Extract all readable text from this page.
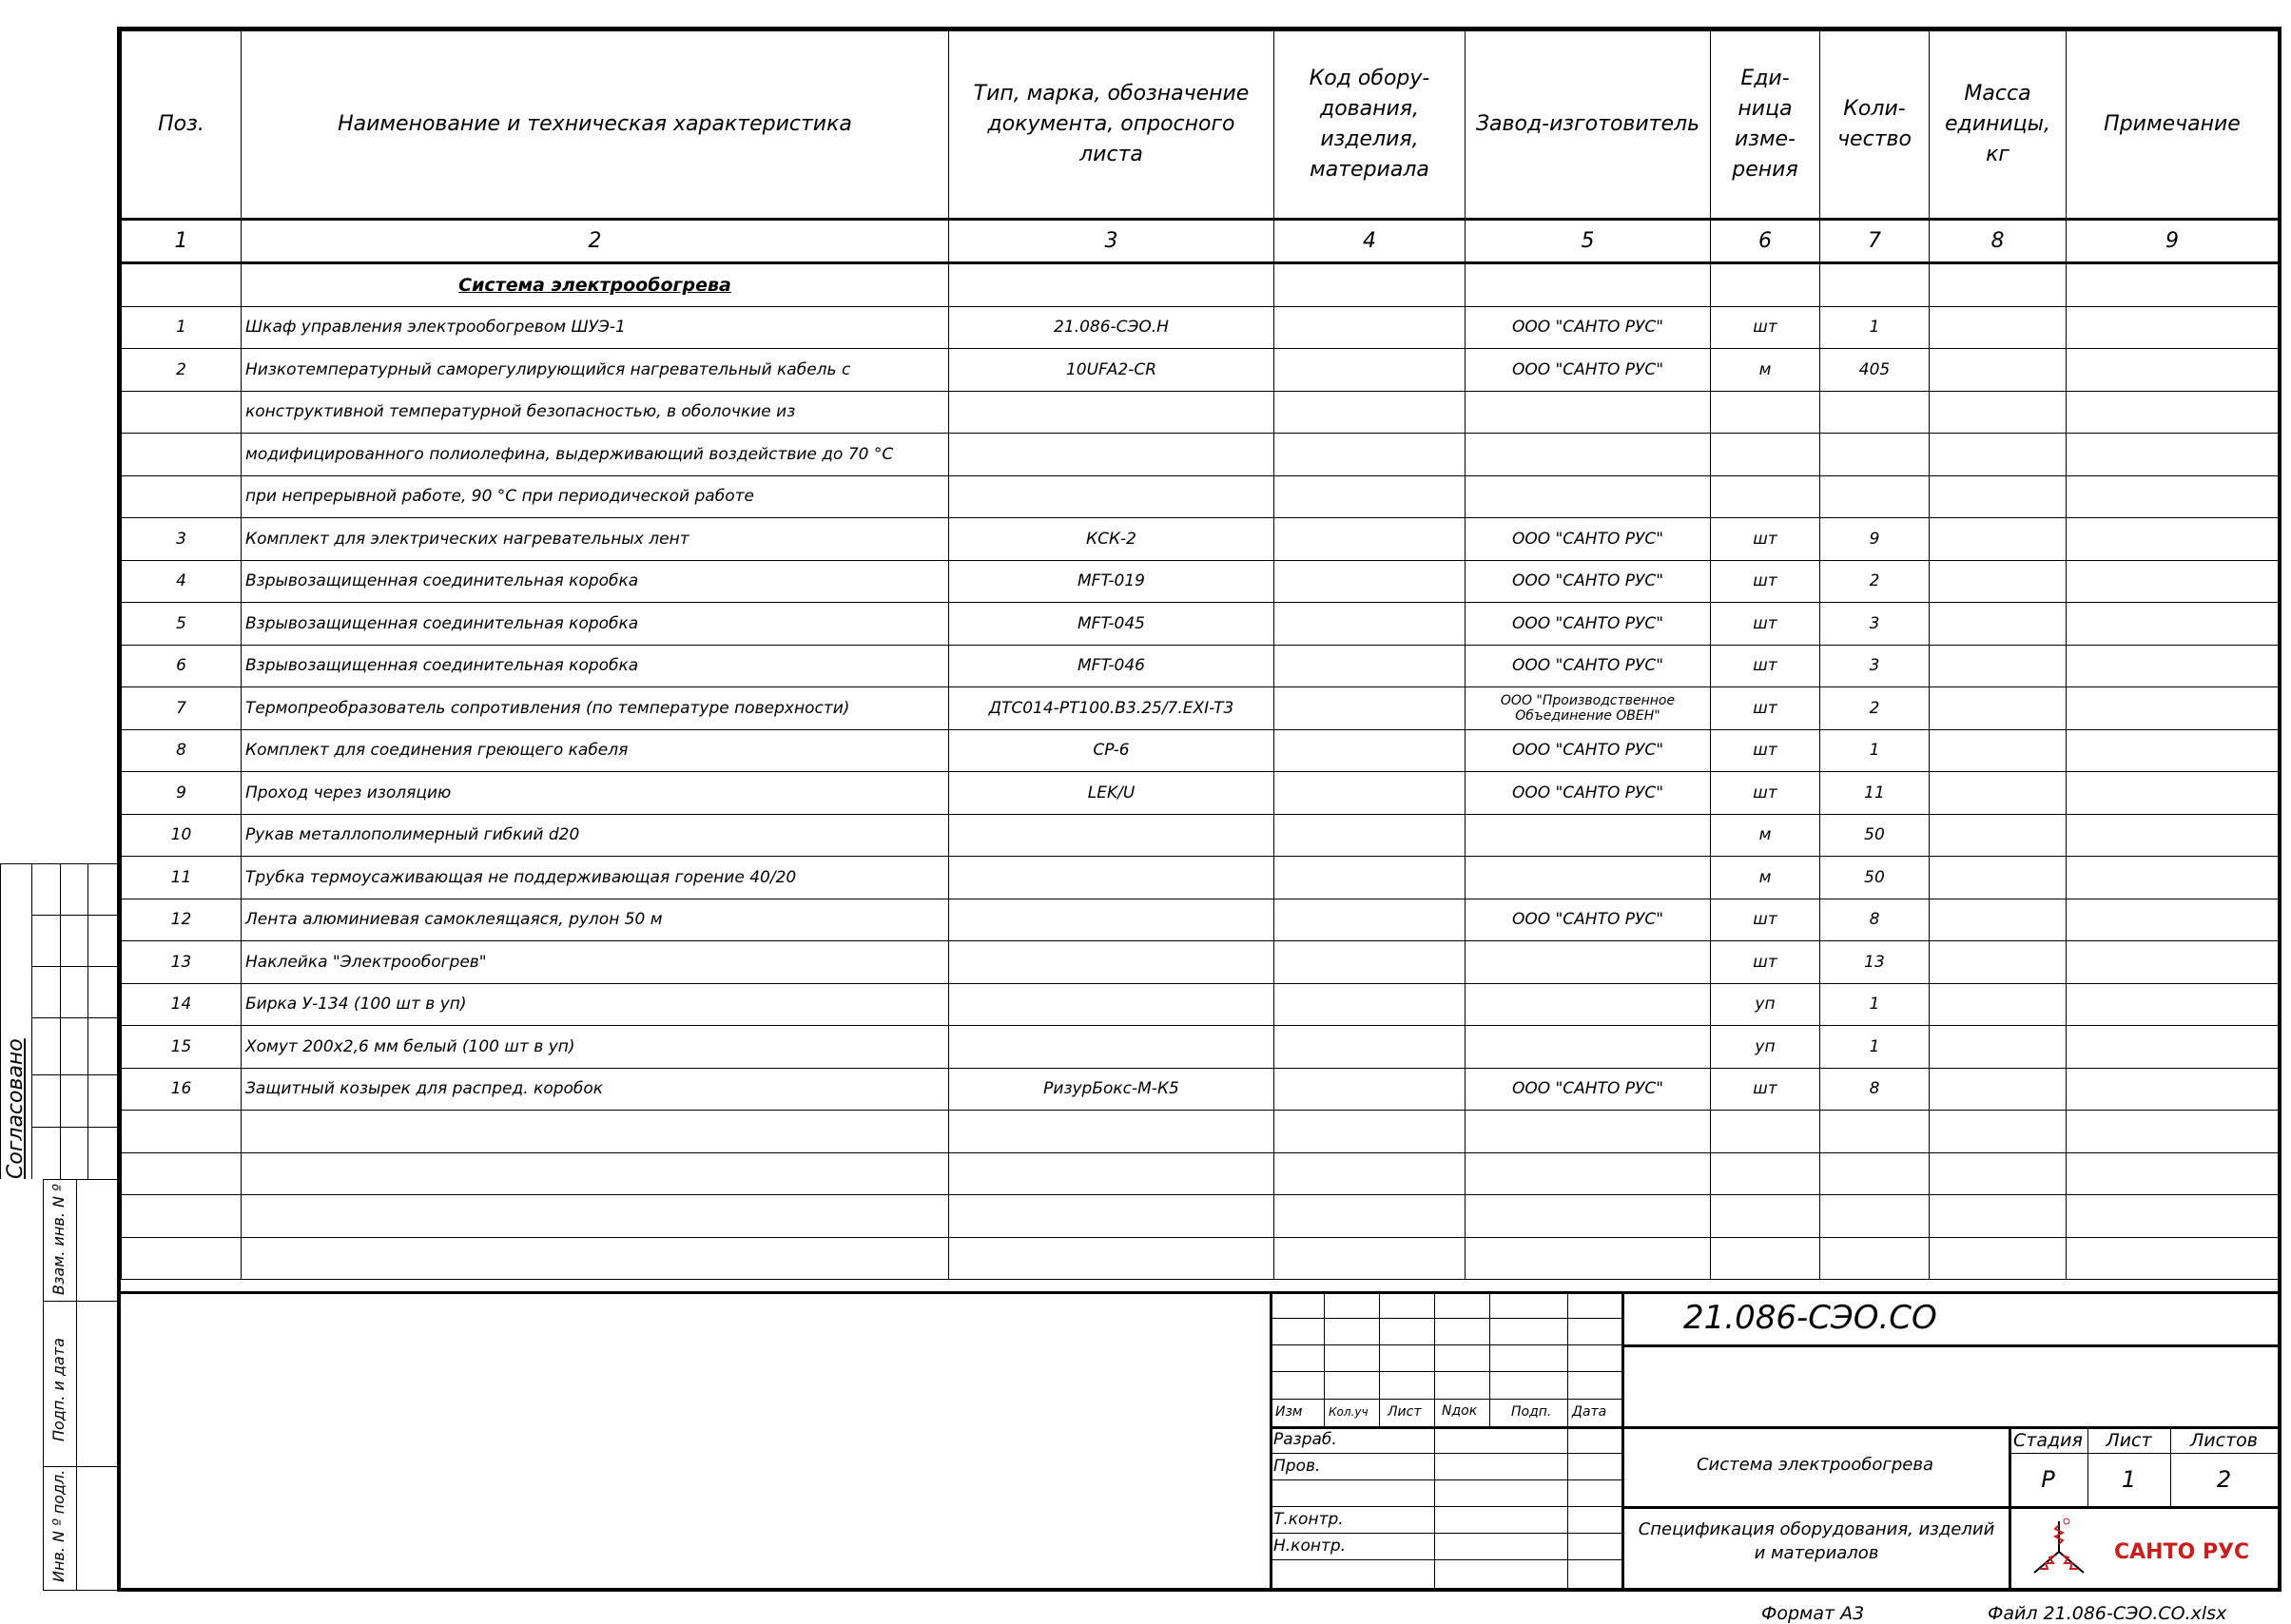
Поз.	Наименование и техническая характеристика	Тип, марка, обозначение документа, опросного листа	Код обору-дования, изделия, материала	Завод-изготовитель	Еди-ница изме-рения	Коли-чество	Масса единицы, кг	Примечание
1	2	3	4	5	6	7	8	9
	Система электрообогрева							
1	Шкаф управления электрообогревом ШУЭ-1	21.086-СЭО.Н		ООО "САНТО РУС"	шт	1		
2	Низкотемпературный саморегулирующийся нагревательный кабель с	10UFA2-CR		ООО "САНТО РУС"	м	405		
	конструктивной температурной безопасностью, в оболочкие из							
	модифицированного полиолефина, выдерживающий воздействие до 70 °С							
	при непрерывной работе, 90 °С при периодической работе							
3	Комплект для электрических нагревательных лент	КСК-2		ООО "САНТО РУС"	шт	9		
4	Взрывозащищенная соединительная коробка	MFT-019		ООО "САНТО РУС"	шт	2		
5	Взрывозащищенная соединительная коробка	MFT-045		ООО "САНТО РУС"	шт	3		
6	Взрывозащищенная соединительная коробка	MFT-046		ООО "САНТО РУС"	шт	3		
7	Термопреобразователь сопротивления (по температуре поверхности)	ДТС014-PT100.B3.25/7.EXI-T3		ООО "Производственное Объединение ОВЕН"	шт	2		
8	Комплект для соединения греющего кабеля	CP-6		ООО "САНТО РУС"	шт	1		
9	Проход через изоляцию	LEK/U		ООО "САНТО РУС"	шт	11		
10	Рукав металлополимерный гибкий d20				м	50		
11	Трубка термоусаживающая не поддерживающая горение 40/20				м	50		
12	Лента алюминиевая самоклеящаяся, рулон 50 м			ООО "САНТО РУС"	шт	8		
13	Наклейка "Электрообогрев"				шт	13		
14	Бирка У-134 (100 шт в уп)				уп	1		
15	Хомут 200х2,6 мм белый (100 шт в уп)				уп	1		
16	Защитный козырек для распред. коробок	РизурБокс-М-К5		ООО "САНТО РУС"	шт	8		

21.086-СЭО.СО
Изм Кол.уч Лист Nдок	Подп. Дата
Разраб.
Пров.
Т.контр.
Н.контр.
Система электрообогрева
Спецификация оборудования, изделий и материалов
Стадия	Лист	Листов
Р	1	2
САНТО РУС
Согласовано
Взам. инв. N º
Подп. и дата
Инв. N º подл.
Формат А3	Файл 21.086-СЭО.СО.xlsx
